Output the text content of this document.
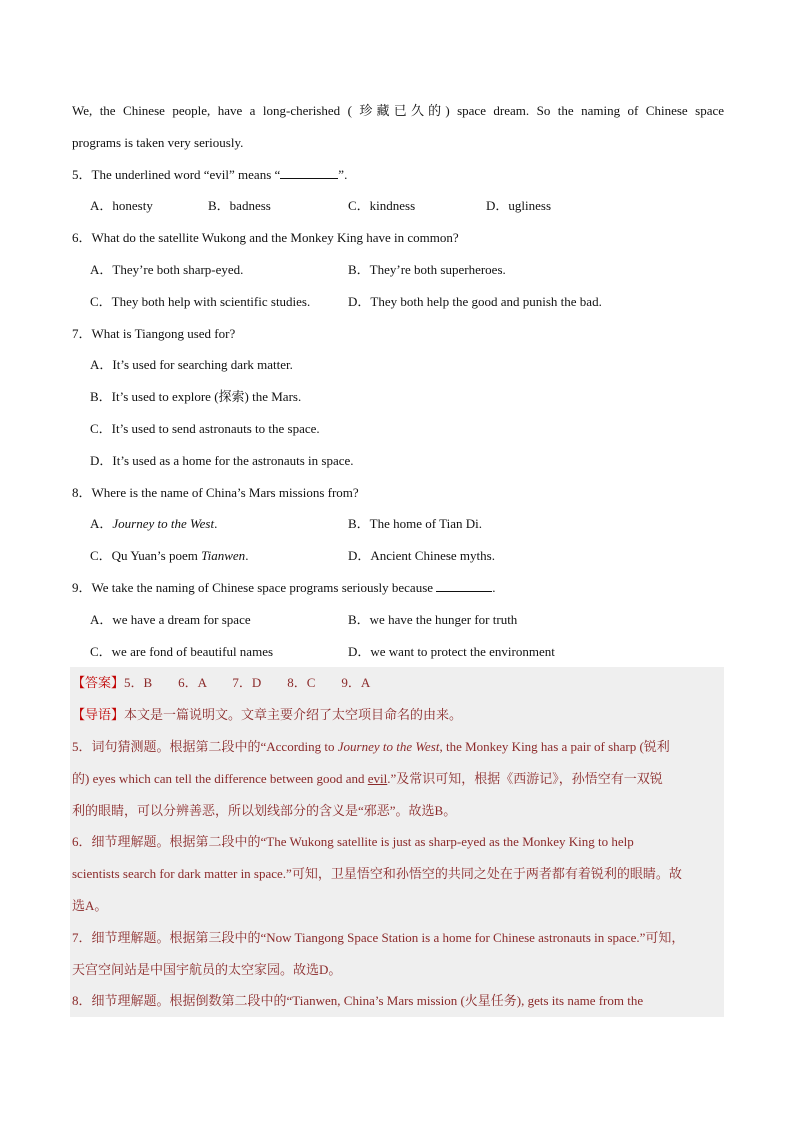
We, the Chinese people, have a long-cherished ( 珍藏已久的) space dream. So the naming of Chinese space
programs is taken very seriously.
5．The underlined word “evil” means “	”.
A．honesty	B．badness	C．kindness	D．ugliness
6．What do the satellite Wukong and the Monkey King have in common?
A．They’re both sharp-eyed.	B．They’re both superheroes.
C．They both help with scientific studies.	D．They both help the good and punish the bad.
7．What is Tiangong used for?
A．It’s used for searching dark matter.
B．It’s used to explore (探索) the Mars.
C．It’s used to send astronauts to the space.
D．It’s used as a home for the astronauts in space.
8．Where is the name of China’s Mars missions from?
A．Journey to the West.	B．The home of Tian Di.
C．Qu Yuan’s poem Tianwen.	D．Ancient Chinese myths.
9．We take the naming of Chinese space programs seriously because	.
A．we have a dream for space	B．we have the hunger for truth
C．we are fond of beautiful names	D．we want to protect the environment
【答案】5．B　　6．A　　7．D　　8．C　　9．A
【导语】本文是一篇说明文。文章主要介绍了太空项目命名的由来。
5．词句猜测题。根据第二段中的“According to Journey to the West, the Monkey King has a pair of sharp (锐利
的) eyes which can tell the difference between good and evil.”及常识可知，根据《西游记》，孙悟空有一双锐
利的眼睛，可以分辨善恶，所以划线部分的含义是“邪恶”。故选B。
6．细节理解题。根据第二段中的“The Wukong satellite is just as sharp-eyed as the Monkey King to help
scientists search for dark matter in space.”可知，卫星悟空和孙悟空的共同之处在于两者都有着锐利的眼睛。故
选A。
7．细节理解题。根据第三段中的“Now Tiangong Space Station is a home for Chinese astronauts in space.”可知，
天宫空间站是中国宇航员的太空家园。故选D。
8．细节理解题。根据倒数第二段中的“Tianwen, China’s Mars mission (火星任务), gets its name from the
